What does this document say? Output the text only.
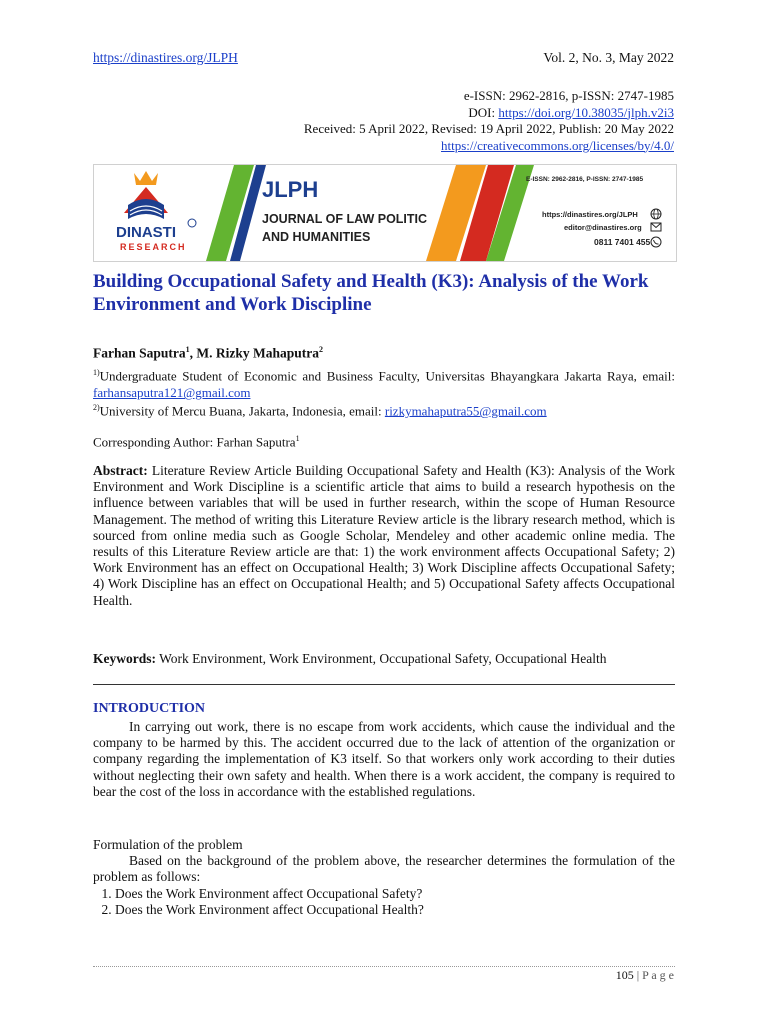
https://dinastires.org/JLPH	Vol. 2, No. 3, May 2022
e-ISSN: 2962-2816, p-ISSN: 2747-1985
DOI: https://doi.org/10.38035/jlph.v2i3
Received: 5 April 2022, Revised: 19 April 2022, Publish: 20 May 2022
https://creativecommons.org/licenses/by/4.0/
DINASTI
RESEARCH
JLPH
JOURNAL OF LAW POLITIC
AND HUMANITIES
E-ISSN: 2962-2816, P-ISSN: 2747-1985
https://dinastires.org/JLPH
editor@dinastires.org
0811 7401 455
Building Occupational Safety and Health (K3): Analysis of the Work Environment and Work Discipline
Farhan Saputra$^1$, M. Rizky Mahaputra$^2$
$^{1)}$Undergraduate Student of Economic and Business Faculty, Universitas Bhayangkara Jakarta Raya, email: farhansaputra121@gmail.com
$^{2)}$University of Mercu Buana, Jakarta, Indonesia, email: rizkymahaputra55@gmail.com
Corresponding Author: Farhan Saputra$^1$
Abstract: Literature Review Article Building Occupational Safety and Health (K3): Analysis of the Work Environment and Work Discipline is a scientific article that aims to build a research hypothesis on the influence between variables that will be used in further research, within the scope of Human Resource Management. The method of writing this Literature Review article is the library research method, which is sourced from online media such as Google Scholar, Mendeley and other academic online media. The results of this Literature Review article are that: 1) the work environment affects Occupational Safety; 2) Work Environment has an effect on Occupational Health; 3) Work Discipline affects Occupational Safety; 4) Work Discipline has an effect on Occupational Health; and 5) Occupational Safety affects Occupational Health.
Keywords: Work Environment, Work Environment, Occupational Safety, Occupational Health
INTRODUCTION
In carrying out work, there is no escape from work accidents, which cause the individual and the company to be harmed by this. The accident occurred due to the lack of attention of the organization or company regarding the implementation of K3 itself. So that workers only work according to their duties without neglecting their own safety and health. When there is a work accident, the company is required to bear the cost of the loss in accordance with the established regulations.
Formulation of the problem
Based on the background of the problem above, the researcher determines the formulation of the problem as follows:
1. Does the Work Environment affect Occupational Safety?
2. Does the Work Environment affect Occupational Health?
105 | P a g e
